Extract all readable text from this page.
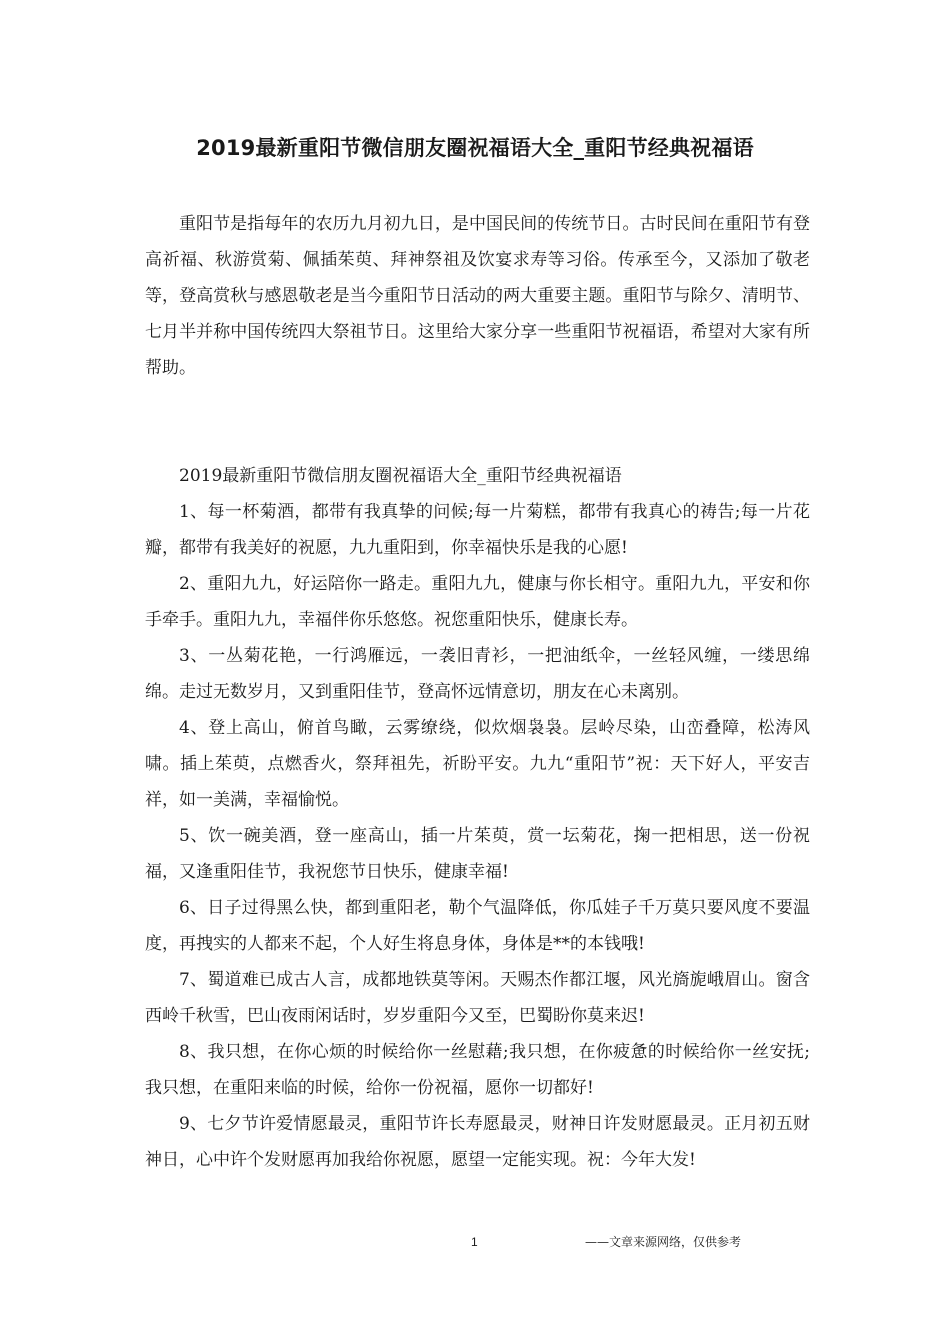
2019最新重阳节微信朋友圈祝福语大全_重阳节经典祝福语

重阳节是指每年的农历九月初九日，是中国民间的传统节日。古时民间在重阳节有登高祈福、秋游赏菊、佩插茱萸、拜神祭祖及饮宴求寿等习俗。传承至今，又添加了敬老等，登高赏秋与感恩敬老是当今重阳节日活动的两大重要主题。重阳节与除夕、清明节、七月半并称中国传统四大祭祖节日。这里给大家分享一些重阳节祝福语，希望对大家有所帮助。

2019最新重阳节微信朋友圈祝福语大全_重阳节经典祝福语

1、每一杯菊酒，都带有我真挚的问候;每一片菊糕，都带有我真心的祷告;每一片花瓣，都带有我美好的祝愿，九九重阳到，你幸福快乐是我的心愿!

2、重阳九九，好运陪你一路走。重阳九九，健康与你长相守。重阳九九，平安和你手牵手。重阳九九，幸福伴你乐悠悠。祝您重阳快乐，健康长寿。

3、一丛菊花艳，一行鸿雁远，一袭旧青衫，一把油纸伞，一丝轻风缠，一缕思绵绵。走过无数岁月，又到重阳佳节，登高怀远情意切，朋友在心未离别。

4、登上高山，俯首鸟瞰，云雾缭绕，似炊烟袅袅。层岭尽染，山峦叠障，松涛风啸。插上茱萸，点燃香火，祭拜祖先，祈盼平安。九九“重阳节”祝：天下好人，平安吉祥，如一美满，幸福愉悦。

5、饮一碗美酒，登一座高山，插一片茱萸，赏一坛菊花，掬一把相思，送一份祝福，又逢重阳佳节，我祝您节日快乐，健康幸福!

6、日子过得黑么快，都到重阳老，勒个气温降低，你瓜娃子千万莫只要风度不要温度，再拽实的人都来不起，个人好生将息身体，身体是**的本钱哦!

7、蜀道难已成古人言，成都地铁莫等闲。天赐杰作都江堰，风光旖旎峨眉山。窗含西岭千秋雪，巴山夜雨闲话时，岁岁重阳今又至，巴蜀盼你莫来迟!

8、我只想，在你心烦的时候给你一丝慰藉;我只想，在你疲惫的时候给你一丝安抚;我只想，在重阳来临的时候，给你一份祝福，愿你一切都好!

9、七夕节许爱情愿最灵，重阳节许长寿愿最灵，财神日许发财愿最灵。正月初五财神日，心中许个发财愿再加我给你祝愿，愿望一定能实现。祝：今年大发!

1	——文章来源网络，仅供参考
